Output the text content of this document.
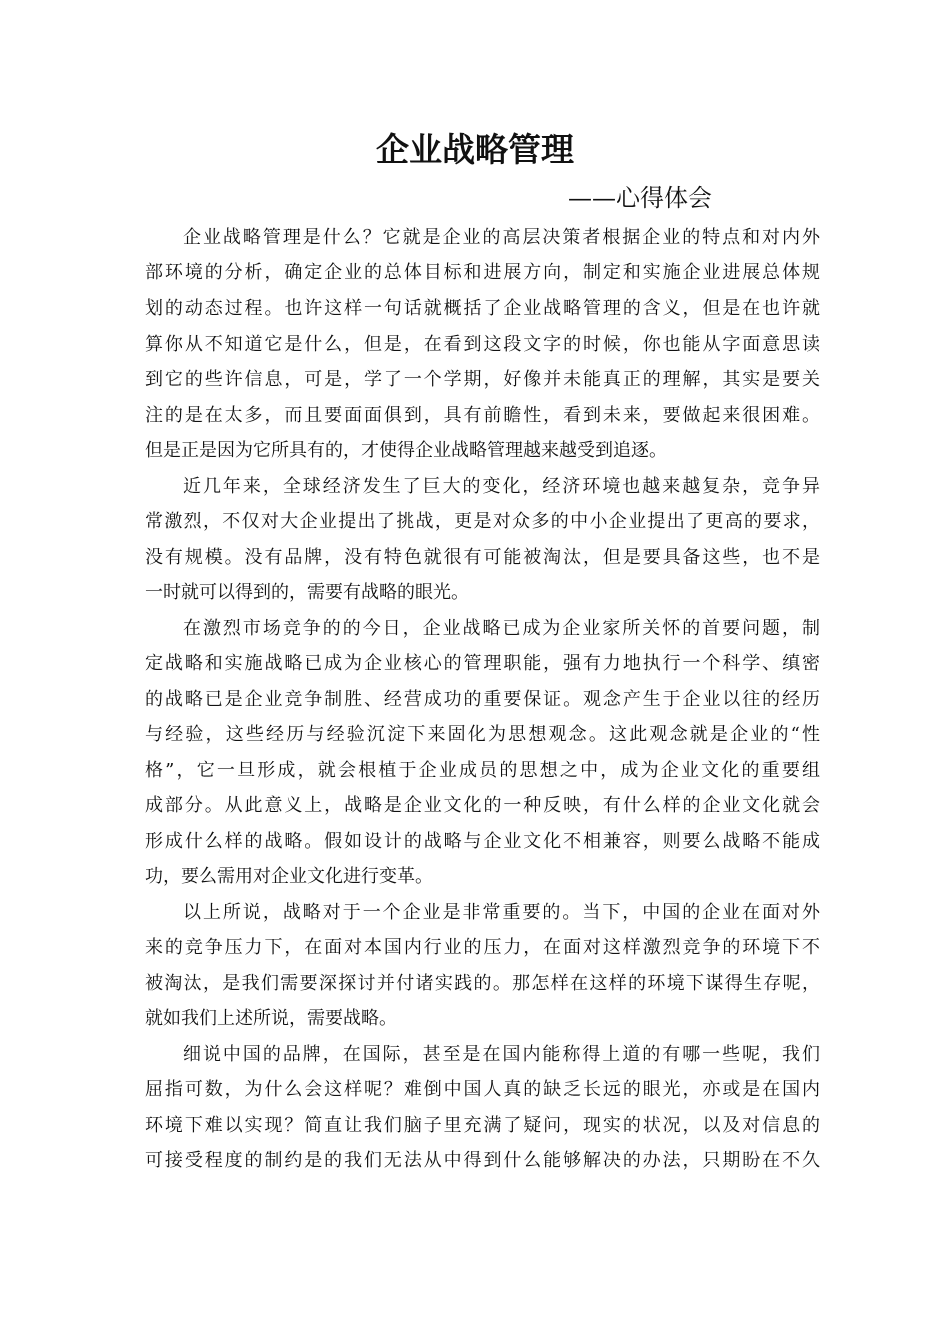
企业战略管理
——心得体会
企业战略管理是什么？它就是企业的高层决策者根据企业的特点和对内外
部环境的分析，确定企业的总体目标和进展方向，制定和实施企业进展总体规
划的动态过程。也许这样一句话就概括了企业战略管理的含义，但是在也许就
算你从不知道它是什么，但是，在看到这段文字的时候，你也能从字面意思读
到它的些许信息，可是，学了一个学期，好像并未能真正的理解，其实是要关
注的是在太多，而且要面面俱到，具有前瞻性，看到未来，要做起来很困难。
但是正是因为它所具有的，才使得企业战略管理越来越受到追逐。
近几年来，全球经济发生了巨大的变化，经济环境也越来越复杂，竞争异
常激烈，不仅对大企业提出了挑战，更是对众多的中小企业提出了更高的要求，
没有规模。没有品牌，没有特色就很有可能被淘汰，但是要具备这些，也不是
一时就可以得到的，需要有战略的眼光。
在激烈市场竞争的的今日，企业战略已成为企业家所关怀的首要问题，制
定战略和实施战略已成为企业核心的管理职能，强有力地执行一个科学、缜密
的战略已是企业竞争制胜、经营成功的重要保证。观念产生于企业以往的经历
与经验，这些经历与经验沉淀下来固化为思想观念。这此观念就是企业的“性
格”，它一旦形成，就会根植于企业成员的思想之中，成为企业文化的重要组
成部分。从此意义上，战略是企业文化的一种反映，有什么样的企业文化就会
形成什么样的战略。假如设计的战略与企业文化不相兼容，则要么战略不能成
功，要么需用对企业文化进行变革。
以上所说，战略对于一个企业是非常重要的。当下，中国的企业在面对外
来的竞争压力下，在面对本国内行业的压力，在面对这样激烈竞争的环境下不
被淘汰，是我们需要深探讨并付诸实践的。那怎样在这样的环境下谋得生存呢，
就如我们上述所说，需要战略。
细说中国的品牌，在国际，甚至是在国内能称得上道的有哪一些呢，我们
屈指可数，为什么会这样呢？难倒中国人真的缺乏长远的眼光，亦或是在国内
环境下难以实现？简直让我们脑子里充满了疑问，现实的状况，以及对信息的
可接受程度的制约是的我们无法从中得到什么能够解决的办法，只期盼在不久
